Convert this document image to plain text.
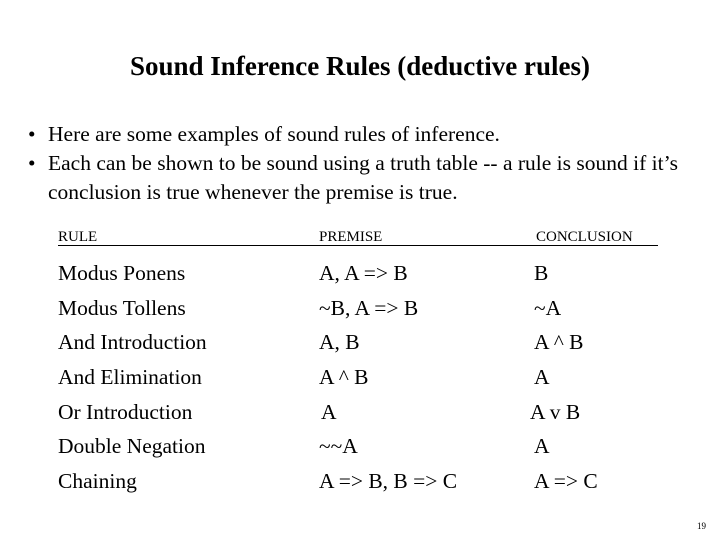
Sound Inference Rules (deductive rules)
• Here are some examples of sound rules of inference.
• Each can be shown to be sound using a truth table -- a rule is sound if it’s conclusion is true whenever the premise is true.
RULE	PREMISE	CONCLUSION
Modus Ponens	A, A => B	B
Modus Tollens	~B, A => B	~A
And Introduction	A, B	A ^ B
And Elimination	A ^ B	A
Or Introduction	A	A v B
Double Negation	~~A	A
Chaining	A => B, B => C	A => C
19
